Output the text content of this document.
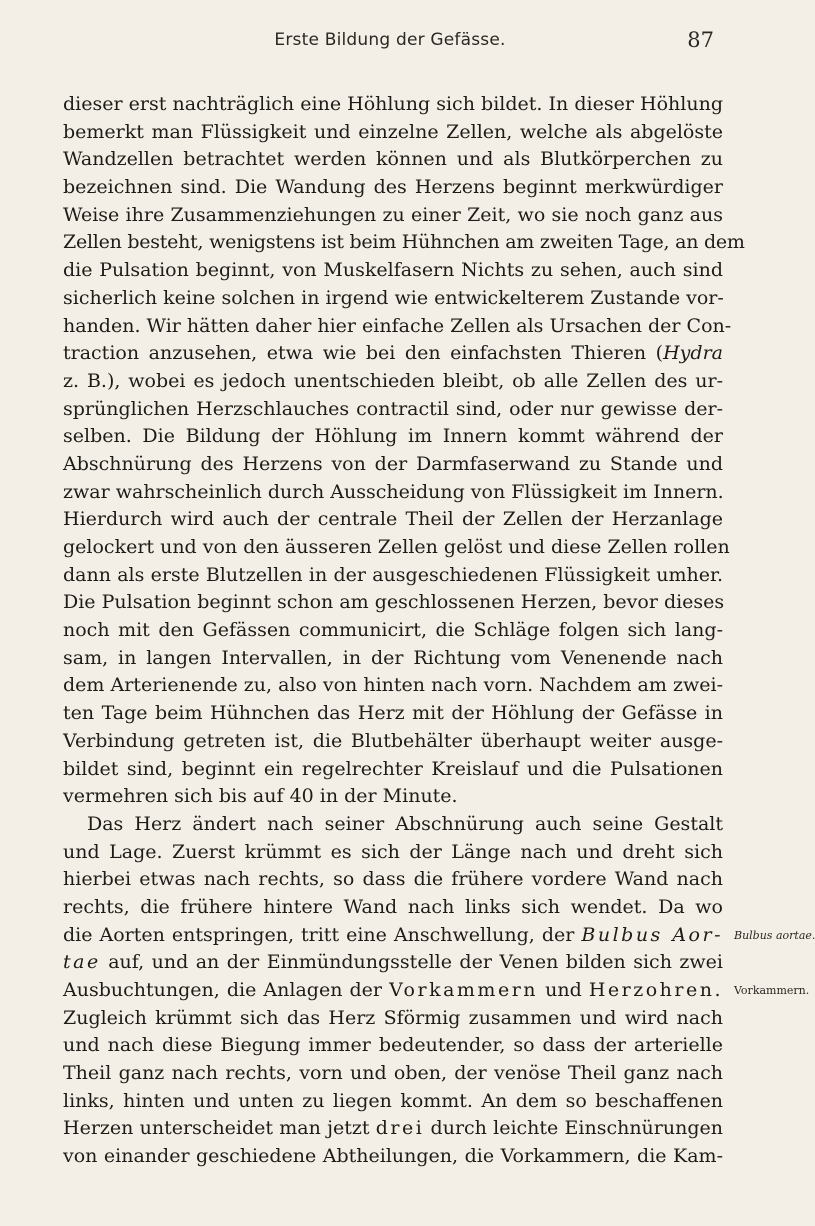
Erste Bildung der Gefässe.	87
dieser erst nachträglich eine Höhlung sich bildet. In dieser Höhlung
bemerkt man Flüssigkeit und einzelne Zellen, welche als abgelöste
Wandzellen betrachtet werden können und als Blutkörperchen zu
bezeichnen sind. Die Wandung des Herzens beginnt merkwürdiger
Weise ihre Zusammenziehungen zu einer Zeit, wo sie noch ganz aus
Zellen besteht, wenigstens ist beim Hühnchen am zweiten Tage, an dem
die Pulsation beginnt, von Muskelfasern Nichts zu sehen, auch sind
sicherlich keine solchen in irgend wie entwickelterem Zustande vor-
handen. Wir hätten daher hier einfache Zellen als Ursachen der Con-
traction anzusehen, etwa wie bei den einfachsten Thieren (Hydra
z. B.), wobei es jedoch unentschieden bleibt, ob alle Zellen des ur-
sprünglichen Herzschlauches contractil sind, oder nur gewisse der-
selben. Die Bildung der Höhlung im Innern kommt während der
Abschnürung des Herzens von der Darmfaserwand zu Stande und
zwar wahrscheinlich durch Ausscheidung von Flüssigkeit im Innern.
Hierdurch wird auch der centrale Theil der Zellen der Herzanlage
gelockert und von den äusseren Zellen gelöst und diese Zellen rollen
dann als erste Blutzellen in der ausgeschiedenen Flüssigkeit umher.
Die Pulsation beginnt schon am geschlossenen Herzen, bevor dieses
noch mit den Gefässen communicirt, die Schläge folgen sich lang-
sam, in langen Intervallen, in der Richtung vom Venenende nach
dem Arterienende zu, also von hinten nach vorn. Nachdem am zwei-
ten Tage beim Hühnchen das Herz mit der Höhlung der Gefässe in
Verbindung getreten ist, die Blutbehälter überhaupt weiter ausge-
bildet sind, beginnt ein regelrechter Kreislauf und die Pulsationen
vermehren sich bis auf 40 in der Minute.
Das Herz ändert nach seiner Abschnürung auch seine Gestalt
und Lage. Zuerst krümmt es sich der Länge nach und dreht sich
hierbei etwas nach rechts, so dass die frühere vordere Wand nach
rechts, die frühere hintere Wand nach links sich wendet. Da wo
die Aorten entspringen, tritt eine Anschwellung, der Bulbus Aor-
tae auf, und an der Einmündungsstelle der Venen bilden sich zwei
Ausbuchtungen, die Anlagen der Vorkammern und Herzohren.
Zugleich krümmt sich das Herz Sförmig zusammen und wird nach
und nach diese Biegung immer bedeutender, so dass der arterielle
Theil ganz nach rechts, vorn und oben, der venöse Theil ganz nach
links, hinten und unten zu liegen kommt. An dem so beschaffenen
Herzen unterscheidet man jetzt drei durch leichte Einschnürungen
von einander geschiedene Abtheilungen, die Vorkammern, die Kam-
Bulbus aortae.
Vorkammern.
